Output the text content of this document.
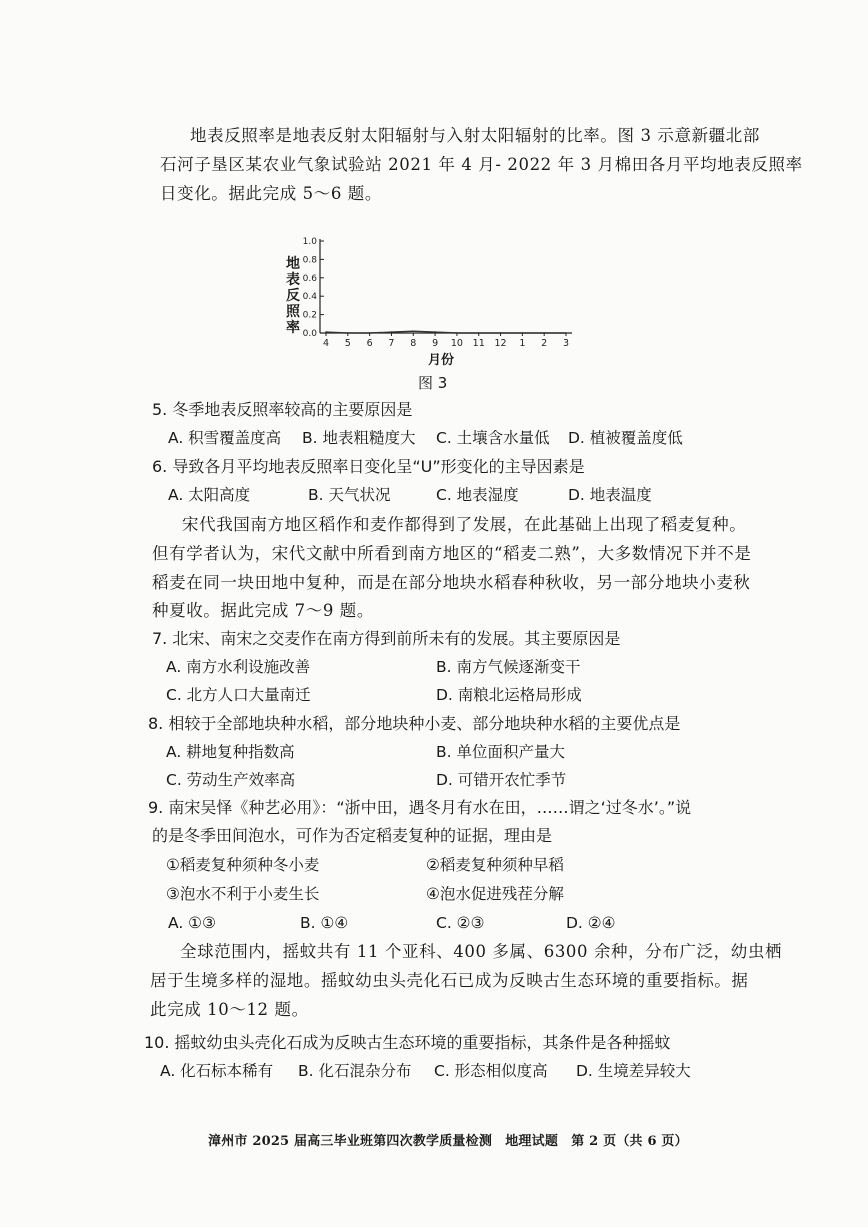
地表反照率是地表反射太阳辐射与入射太阳辐射的比率。图 3 示意新疆北部
石河子垦区某农业气象试验站 2021 年 4 月- 2022 年 3 月棉田各月平均地表反照率
日变化。据此完成 5～6 题。
地表反照率 0.0
0.2
0.4
0.6
0.8
1.0
4 5 6 7 8 9 10 11 12 1 2 3
月份
图 3
5. 冬季地表反照率较高的主要原因是
A. 积雪覆盖度高 B. 地表粗糙度大 C. 土壤含水量低 D. 植被覆盖度低
6. 导致各月平均地表反照率日变化呈“U”形变化的主导因素是
A. 太阳高度	B. 天气状况	C. 地表湿度	D. 地表温度
宋代我国南方地区稻作和麦作都得到了发展，在此基础上出现了稻麦复种。
但有学者认为，宋代文献中所看到南方地区的“稻麦二熟”，大多数情况下并不是
稻麦在同一块田地中复种，而是在部分地块水稻春种秋收，另一部分地块小麦秋
种夏收。据此完成 7～9 题。
7. 北宋、南宋之交麦作在南方得到前所未有的发展。其主要原因是
A. 南方水利设施改善	B. 南方气候逐渐变干
C. 北方人口大量南迁	D. 南粮北运格局形成
8. 相较于全部地块种水稻，部分地块种小麦、部分地块种水稻的主要优点是
A. 耕地复种指数高	B. 单位面积产量大
C. 劳动生产效率高	D. 可错开农忙季节
9. 南宋吴怿《种艺必用》：“浙中田，遇冬月有水在田，……谓之‘过冬水’。”说
的是冬季田间泡水，可作为否定稻麦复种的证据，理由是
①稻麦复种须种冬小麦	②稻麦复种须种早稻
③泡水不利于小麦生长	④泡水促进残茬分解
A. ①③	B. ①④	C. ②③	D. ②④
全球范围内，摇蚊共有 11 个亚科、400 多属、6300 余种，分布广泛，幼虫栖
居于生境多样的湿地。摇蚊幼虫头壳化石已成为反映古生态环境的重要指标。据
此完成 10～12 题。
10. 摇蚊幼虫头壳化石成为反映古生态环境的重要指标，其条件是各种摇蚊
A. 化石标本稀有 B. 化石混杂分布 C. 形态相似度高 D. 生境差异较大
漳州市 2025 届高三毕业班第四次教学质量检测　地理试题　第 2 页（共 6 页）
